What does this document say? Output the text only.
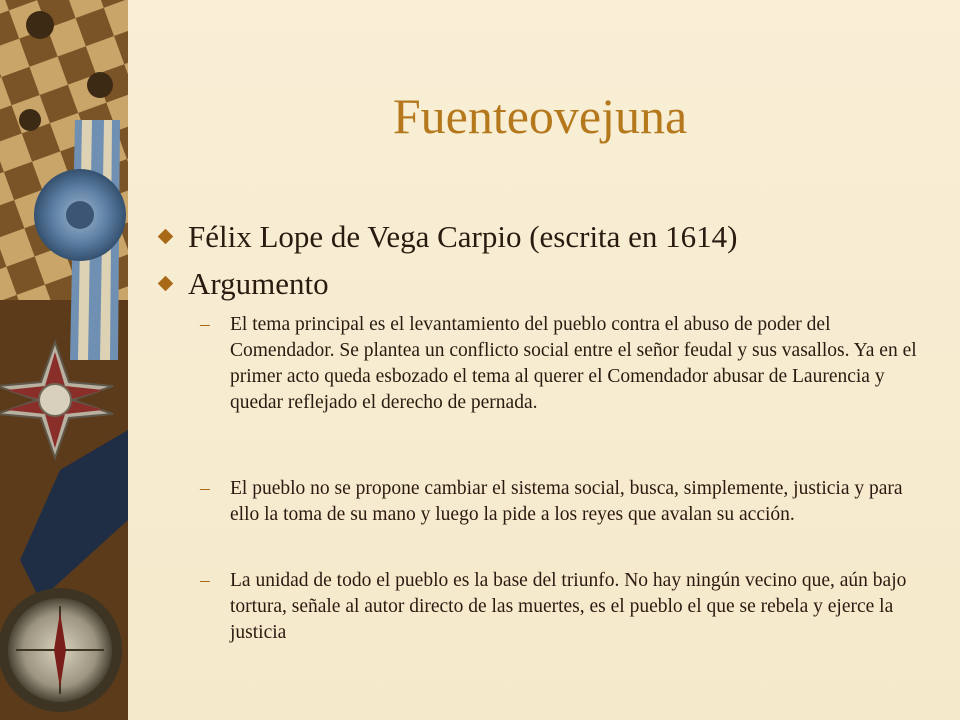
Fuenteovejuna
Félix Lope de Vega Carpio (escrita en 1614)
Argumento
– El tema principal es el levantamiento del pueblo contra el abuso de poder del Comendador. Se plantea un conflicto social entre el señor feudal y sus vasallos. Ya en el primer acto queda esbozado el tema al querer el Comendador abusar de Laurencia y quedar reflejado el derecho de pernada.
– El pueblo no se propone cambiar el sistema social, busca, simplemente, justicia y para ello la toma de su mano y luego la pide a los reyes que avalan su acción.
– La unidad de todo el pueblo es la base del triunfo. No hay ningún vecino que, aún bajo tortura, señale al autor directo de las muertes, es el pueblo el que se rebela y ejerce la justicia
